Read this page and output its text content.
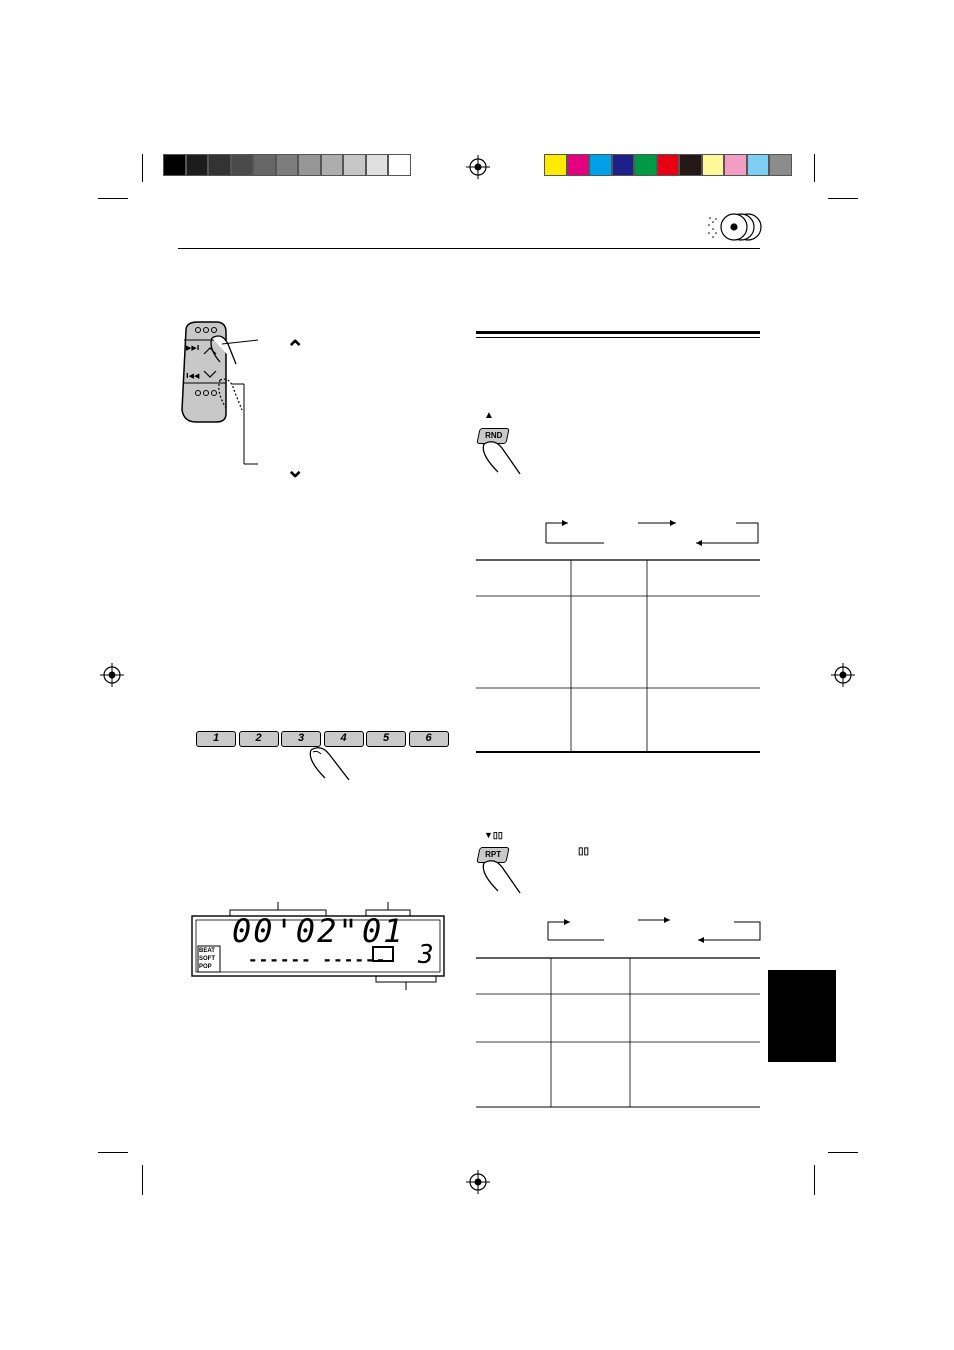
▶▶I
I◀◀
⌃
⌄
1	2	3	4	5	6
00'02" 01
3
------ ------
BEAT
SOFT
POP
▲
RND
▼▯▯
▯▯
RPT
